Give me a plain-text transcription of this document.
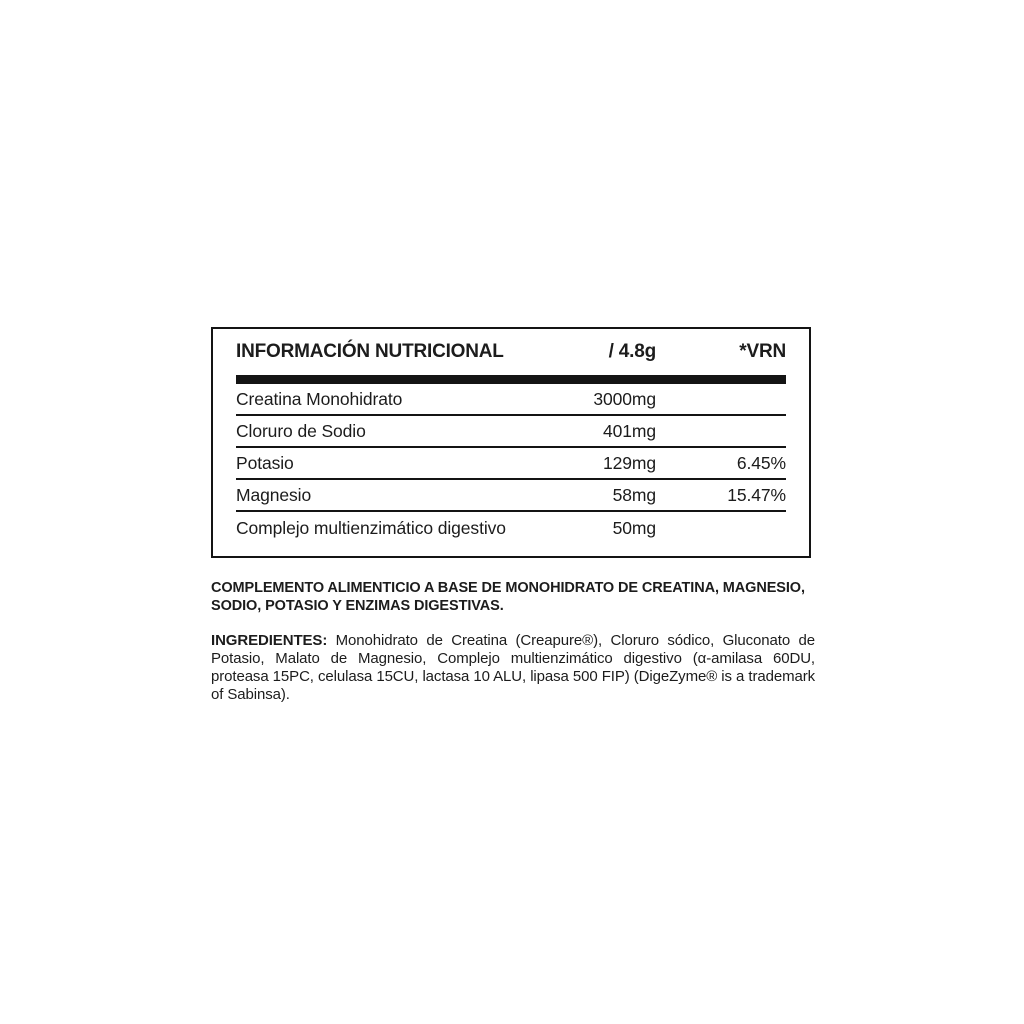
INFORMACIÓN NUTRICIONAL	/ 4.8g	*VRN
Creatina Monohidrato	3000mg
Cloruro de Sodio	401mg
Potasio	129mg	6.45%
Magnesio	58mg	15.47%
Complejo multienzimático digestivo	50mg

COMPLEMENTO ALIMENTICIO A BASE DE MONOHIDRATO DE CREATINA, MAGNESIO, SODIO, POTASIO Y ENZIMAS DIGESTIVAS.

INGREDIENTES: Monohidrato de Creatina (Creapure®), Cloruro sódico, Gluconato de Potasio, Malato de Magnesio, Complejo multienzimático digestivo (α-amilasa 60DU, proteasa 15PC, celulasa 15CU, lactasa 10 ALU, lipasa 500 FIP) (DigeZyme® is a trademark of Sabinsa).
